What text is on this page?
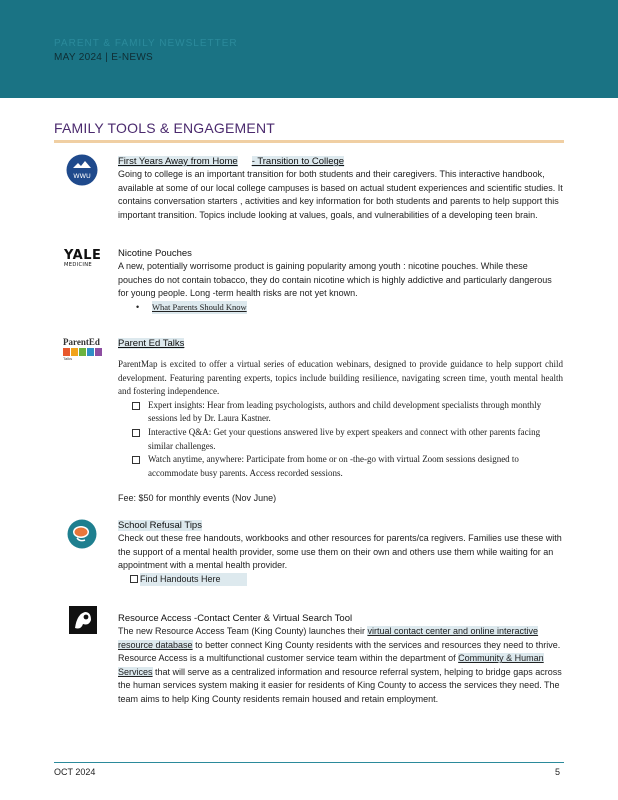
PARENT & FAMILY NEWSLETTER
MAY 2024 | E-NEWS
FAMILY TOOLS & ENGAGEMENT
WWU
First Years Away from Home - Transition to College

Going to college is an important transition for both students and their caregivers. This interactive handbook, available at some of our local college campuses is based on actual student experiences and scientific studies. It contains conversation starters , activities and key information for both students and parents to help support this important transition. Topics include looking at values, goals, and vulnerabilities of a developing teen brain.

YALE
MEDICINE
Nicotine Pouches

A new, potentially worrisome product is gaining popularity among youth : nicotine pouches. While these pouches do not contain tobacco, they do contain nicotine which is highly addictive and particularly dangerous for young people. Long -term health risks are not yet known.

•	What Parents Should Know
ParentEd
Talks
Parent Ed Talks

ParentMap is excited to offer a virtual series of education webinars, designed to provide guidance to help support child development. Featuring parenting experts, topics include building resilience, navigating screen time, youth mental health and fostering independence.

Expert insights: Hear from leading psychologists, authors and child development specialists through monthly sessions led by Dr. Laura Kastner.
Interactive Q&A: Get your questions answered live by expert speakers and connect with other parents facing similar challenges.
Watch anytime, anywhere: Participate from home or on -the-go with virtual Zoom sessions designed to accommodate busy parents. Access recorded sessions.

Fee: $50 for monthly events (Nov June)

School Refusal Tips

Check out these free handouts, workbooks and other resources for parents/ca regivers. Families use these with the support of a mental health provider, some use them on their own and others use them while waiting for an appointment with a mental health provider.

Find Handouts Here
Resource Access -Contact Center & Virtual Search Tool

The new Resource Access Team (King County) launches their virtual contact center and online interactive resource database to better connect King County residents with the services and resources they need to thrive. Resource Access is a multifunctional customer service team within the department of Community & Human Services that will serve as a centralized information and resource referral system, helping to bridge gaps across the human services system making it easier for residents of King County to access the services they need. The team aims to help King County residents remain housed and retain employment.

OCT 2024	5
